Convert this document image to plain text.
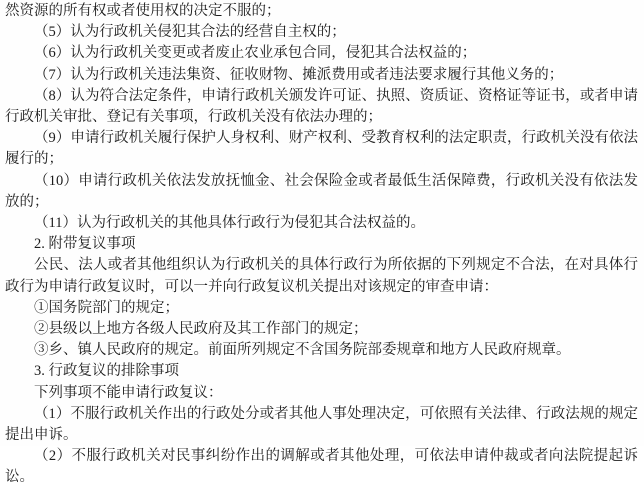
然资源的所有权或者使用权的决定不服的；

（5）认为行政机关侵犯其合法的经营自主权的；

（6）认为行政机关变更或者废止农业承包合同，侵犯其合法权益的；

（7）认为行政机关违法集资、征收财物、摊派费用或者违法要求履行其他义务的；

（8）认为符合法定条件，申请行政机关颁发许可证、执照、资质证、资格证等证书，或者申请行政机关审批、登记有关事项，行政机关没有依法办理的；

（9）申请行政机关履行保护人身权利、财产权利、受教育权利的法定职责，行政机关没有依法履行的；

（10）申请行政机关依法发放抚恤金、社会保险金或者最低生活保障费，行政机关没有依法发放的；

（11）认为行政机关的其他具体行政行为侵犯其合法权益的。

2. 附带复议事项

公民、法人或者其他组织认为行政机关的具体行政行为所依据的下列规定不合法，在对具体行政行为申请行政复议时，可以一并向行政复议机关提出对该规定的审查申请：

①国务院部门的规定；

②县级以上地方各级人民政府及其工作部门的规定；

③乡、镇人民政府的规定。前面所列规定不含国务院部委规章和地方人民政府规章。

3. 行政复议的排除事项

下列事项不能申请行政复议：

（1）不服行政机关作出的行政处分或者其他人事处理决定，可依照有关法律、行政法规的规定提出申诉。

（2）不服行政机关对民事纠纷作出的调解或者其他处理，可依法申请仲裁或者向法院提起诉讼。
